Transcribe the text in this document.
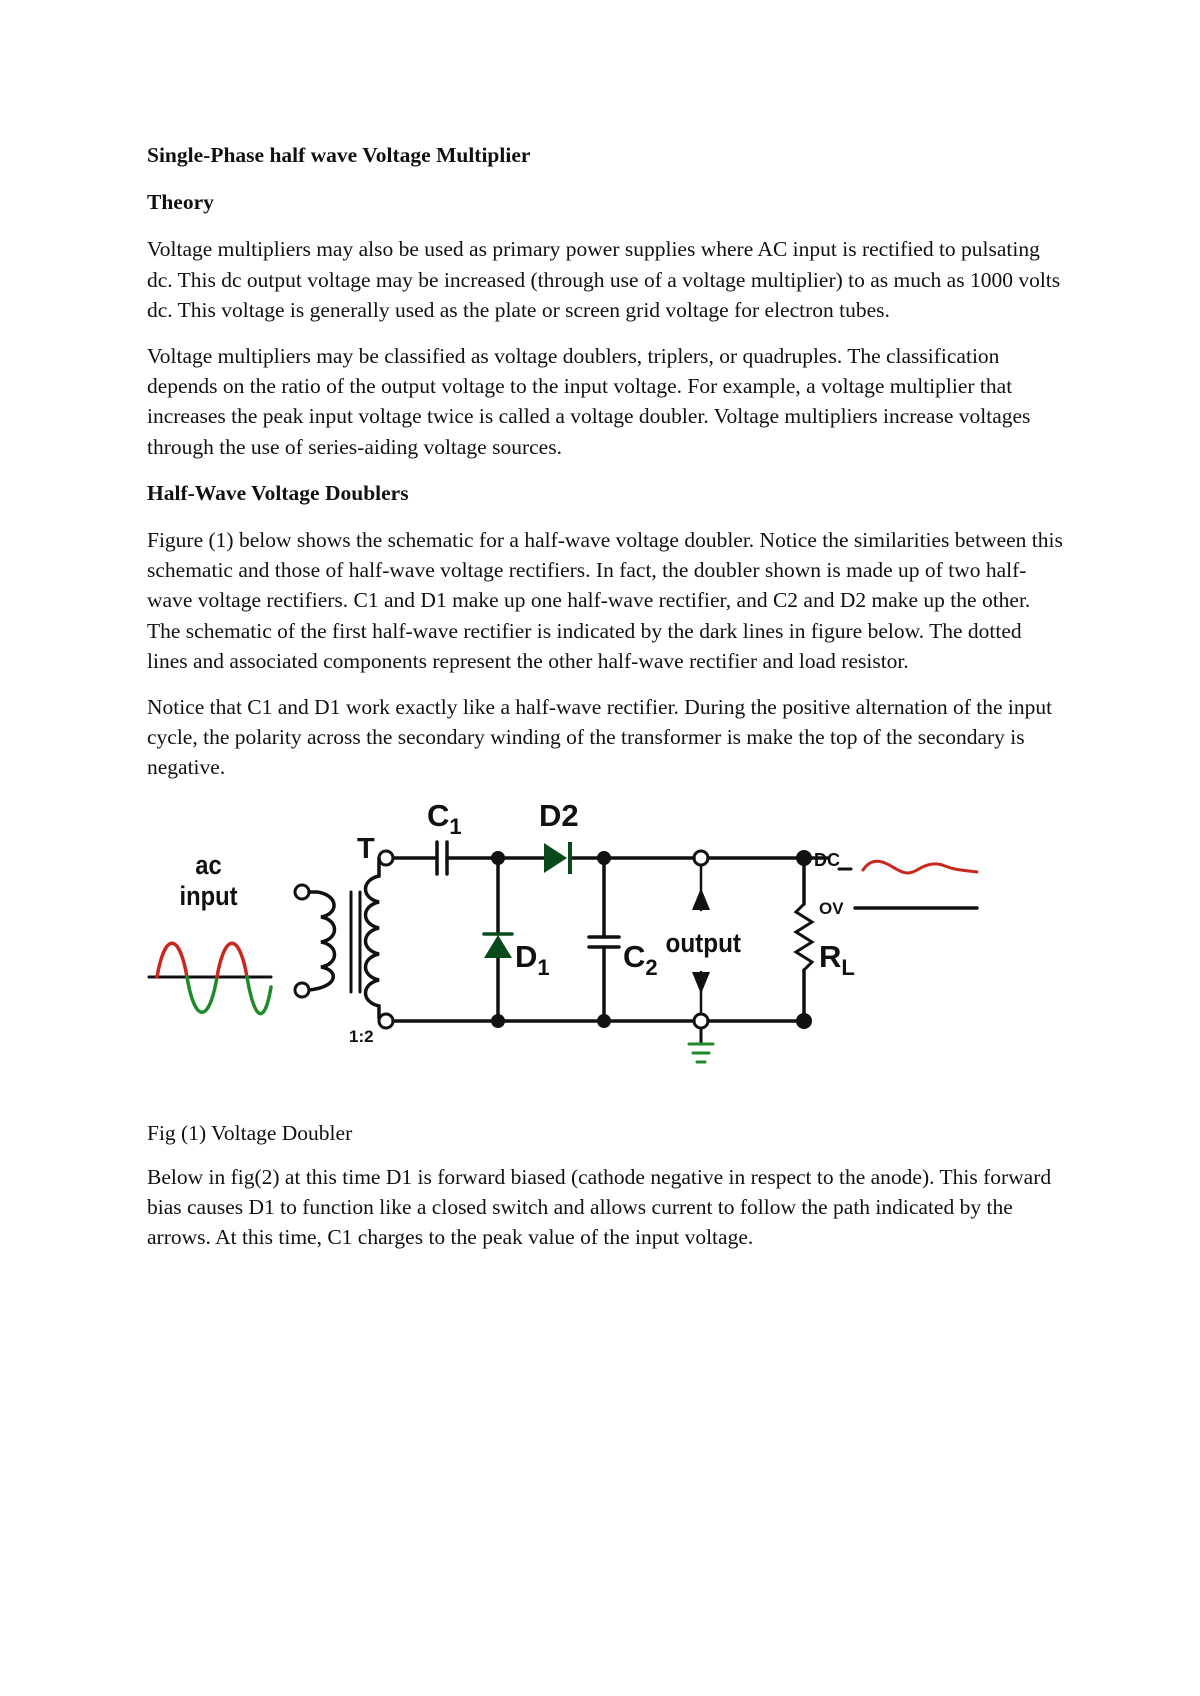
Single-Phase half wave Voltage Multiplier
Theory

Voltage multipliers may also be used as primary power supplies where AC input is rectified to pulsating dc. This dc output voltage may be increased (through use of a voltage multiplier) to as much as 1000 volts dc. This voltage is generally used as the plate or screen grid voltage for electron tubes.

Voltage multipliers may be classified as voltage doublers, triplers, or quadruples. The classification depends on the ratio of the output voltage to the input voltage. For example, a voltage multiplier that increases the peak input voltage twice is called a voltage doubler. Voltage multipliers increase voltages through the use of series-aiding voltage sources.

Half-Wave Voltage Doublers

Figure (1) below shows the schematic for a half-wave voltage doubler. Notice the similarities between this schematic and those of half-wave voltage rectifiers. In fact, the doubler shown is made up of two half-wave voltage rectifiers. C1 and D1 make up one half-wave rectifier, and C2 and D2 make up the other. The schematic of the first half-wave rectifier is indicated by the dark lines in figure below. The dotted lines and associated components represent the other half-wave rectifier and load resistor.

Notice that C1 and D1 work exactly like a half-wave rectifier. During the positive alternation of the input cycle, the polarity across the secondary winding of the transformer is make the top of the secondary is negative.

ac
input
T
1:2
$C_1$ D2
$D_1$ $C_2$
output	$R_L$
DC
OV
Fig (1) Voltage Doubler

Below in fig(2) at this time D1 is forward biased (cathode negative in respect to the anode). This forward bias causes D1 to function like a closed switch and allows current to follow the path indicated by the arrows. At this time, C1 charges to the peak value of the input voltage.
